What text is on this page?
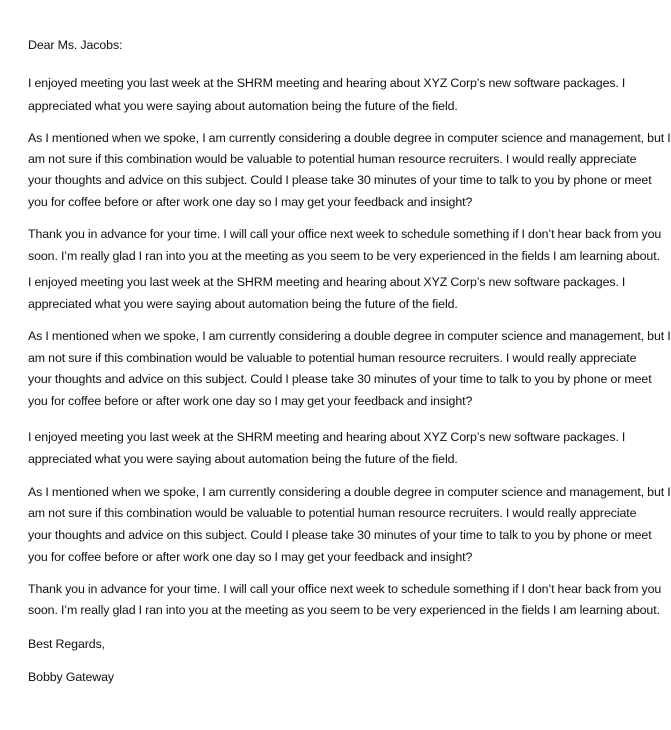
Dear Ms. Jacobs:
I enjoyed meeting you last week at the SHRM meeting and hearing about XYZ Corp’s new software packages. I
appreciated what you were saying about automation being the future of the field.
As I mentioned when we spoke, I am currently considering a double degree in computer science and management, but I
am not sure if this combination would be valuable to potential human resource recruiters. I would really appreciate
your thoughts and advice on this subject. Could I please take 30 minutes of your time to talk to you by phone or meet
you for coffee before or after work one day so I may get your feedback and insight?
Thank you in advance for your time. I will call your office next week to schedule something if I don’t hear back from you
soon. I’m really glad I ran into you at the meeting as you seem to be very experienced in the fields I am learning about.
I enjoyed meeting you last week at the SHRM meeting and hearing about XYZ Corp’s new software packages. I
appreciated what you were saying about automation being the future of the field.
As I mentioned when we spoke, I am currently considering a double degree in computer science and management, but I
am not sure if this combination would be valuable to potential human resource recruiters. I would really appreciate
your thoughts and advice on this subject. Could I please take 30 minutes of your time to talk to you by phone or meet
you for coffee before or after work one day so I may get your feedback and insight?
I enjoyed meeting you last week at the SHRM meeting and hearing about XYZ Corp’s new software packages. I
appreciated what you were saying about automation being the future of the field.
As I mentioned when we spoke, I am currently considering a double degree in computer science and management, but I
am not sure if this combination would be valuable to potential human resource recruiters. I would really appreciate
your thoughts and advice on this subject. Could I please take 30 minutes of your time to talk to you by phone or meet
you for coffee before or after work one day so I may get your feedback and insight?
Thank you in advance for your time. I will call your office next week to schedule something if I don’t hear back from you
soon. I’m really glad I ran into you at the meeting as you seem to be very experienced in the fields I am learning about.
Best Regards,
Bobby Gateway
